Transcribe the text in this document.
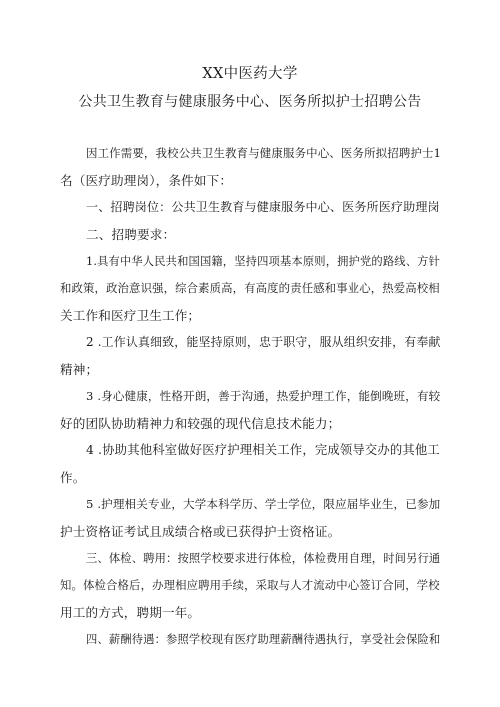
XX中医药大学
公共卫生教育与健康服务中心、医务所拟护士招聘公告
因工作需要，我校公共卫生教育与健康服务中心、医务所拟招聘护士1
名（医疗助理岗），条件如下：
一、招聘岗位：公共卫生教育与健康服务中心、医务所医疗助理岗
二、招聘要求：
1.具有中华人民共和国国籍，坚持四项基本原则，拥护党的路线、方针
和政策，政治意识强，综合素质高，有高度的责任感和事业心，热爱高校相
关工作和医疗卫生工作；
2 .工作认真细致，能坚持原则，忠于职守，服从组织安排，有奉献
精神；
3 .身心健康，性格开朗，善于沟通，热爱护理工作，能倒晚班，有较
好的团队协助精神力和较强的现代信息技术能力；
4 .协助其他科室做好医疗护理相关工作，完成领导交办的其他工
作。
5 .护理相关专业，大学本科学历、学士学位，限应届毕业生，已参加
护士资格证考试且成绩合格或已获得护士资格证。
三、体检、聘用：按照学校要求进行体检，体检费用自理，时间另行通
知。体检合格后，办理相应聘用手续，采取与人才流动中心签订合同，学校
用工的方式，聘期一年。
四、薪酬待遇：参照学校现有医疗助理薪酬待遇执行，享受社会保险和
